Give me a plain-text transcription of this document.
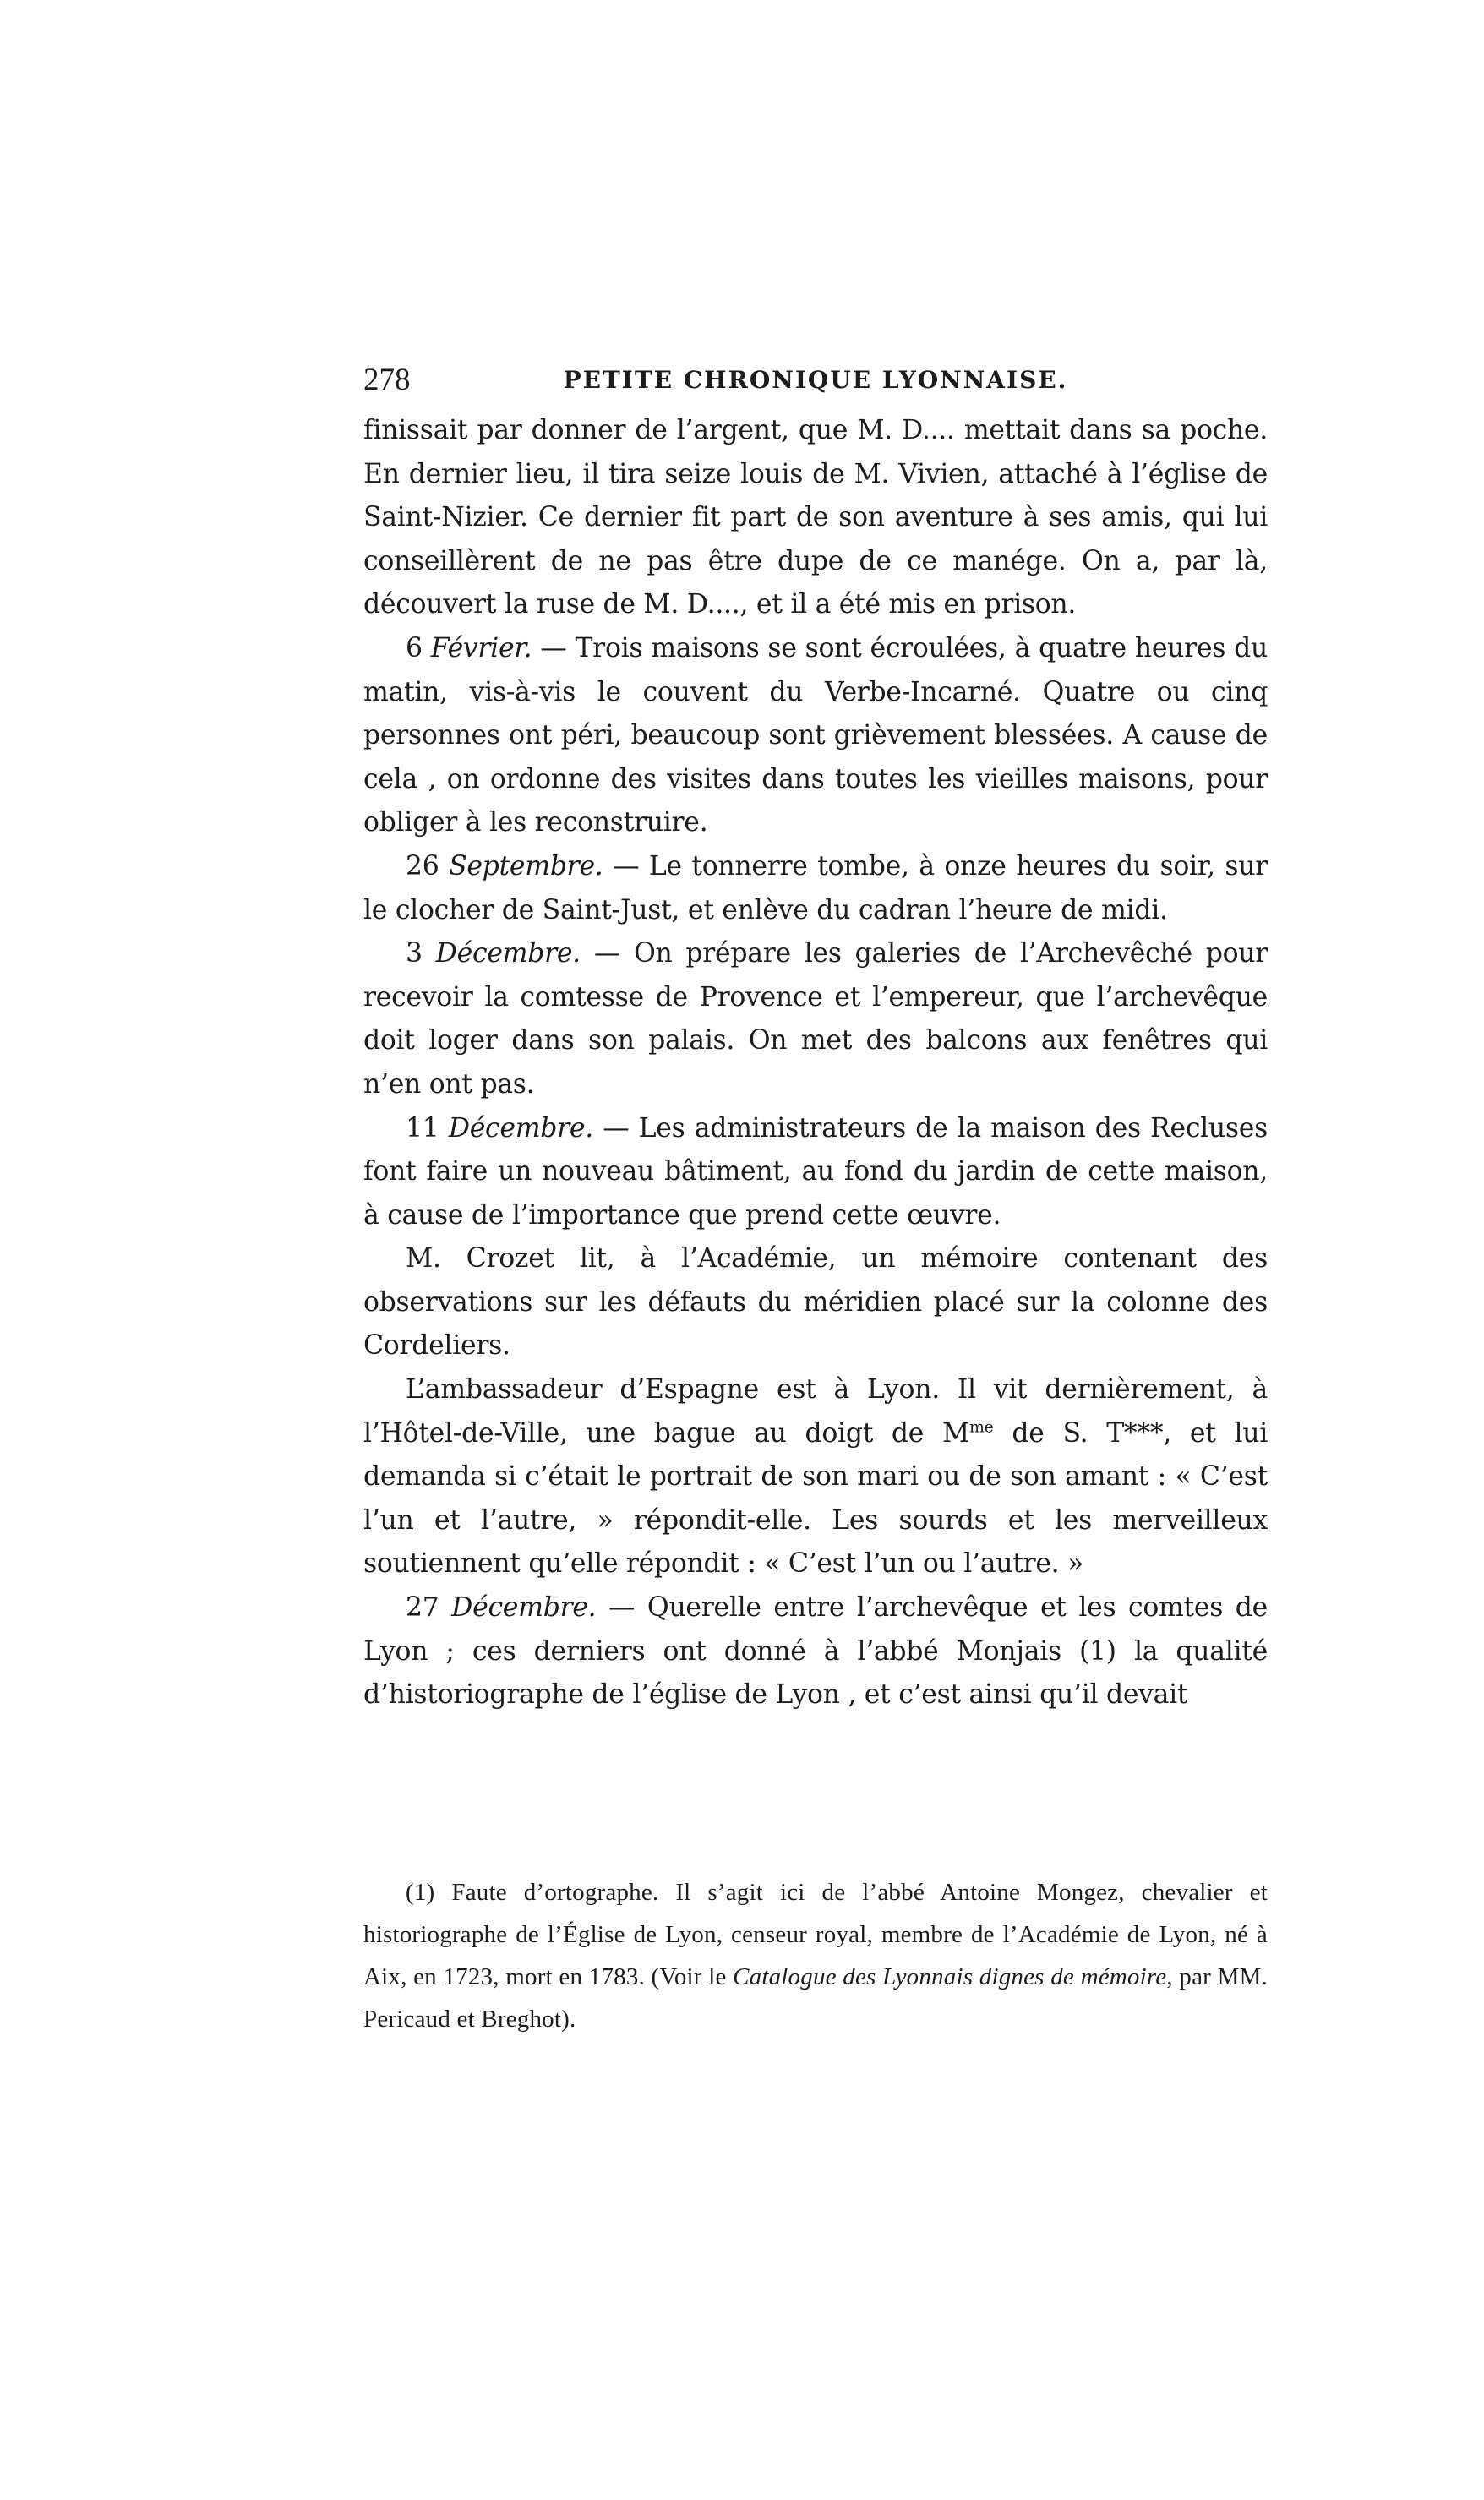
278	PETITE CHRONIQUE LYONNAISE.

finissait par donner de l’argent, que M. D.... mettait dans sa poche. En dernier lieu, il tira seize louis de M. Vivien, attaché à l’église de Saint-Nizier. Ce dernier fit part de son aventure à ses amis, qui lui conseillèrent de ne pas être dupe de ce manége. On a, par là, découvert la ruse de M. D...., et il a été mis en prison.

6 Février. — Trois maisons se sont écroulées, à quatre heures du matin, vis-à-vis le couvent du Verbe-Incarné. Quatre ou cinq personnes ont péri, beaucoup sont grièvement blessées. A cause de cela , on ordonne des visites dans toutes les vieilles maisons, pour obliger à les reconstruire.

26 Septembre. — Le tonnerre tombe, à onze heures du soir, sur le clocher de Saint-Just, et enlève du cadran l’heure de midi.

3 Décembre. — On prépare les galeries de l’Archevêché pour recevoir la comtesse de Provence et l’empereur, que l’archevêque doit loger dans son palais. On met des balcons aux fenêtres qui n’en ont pas.

11 Décembre. — Les administrateurs de la maison des Recluses font faire un nouveau bâtiment, au fond du jardin de cette maison, à cause de l’importance que prend cette œuvre.

M. Crozet lit, à l’Académie, un mémoire contenant des observations sur les défauts du méridien placé sur la colonne des Cordeliers.

L’ambassadeur d’Espagne est à Lyon. Il vit dernièrement, à l’Hôtel-de-Ville, une bague au doigt de $M^{me}$ de S. T***, et lui demanda si c’était le portrait de son mari ou de son amant : « C’est l’un et l’autre, » répondit-elle. Les sourds et les merveilleux soutiennent qu’elle répondit : « C’est l’un ou l’autre. »

27 Décembre. — Querelle entre l’archevêque et les comtes de Lyon ; ces derniers ont donné à l’abbé Monjais (1) la qualité d’historiographe de l’église de Lyon , et c’est ainsi qu’il devait

(1) Faute d’ortographe. Il s’agit ici de l’abbé Antoine Mongez, chevalier et historiographe de l’Église de Lyon, censeur royal, membre de l’Académie de Lyon, né à Aix, en 1723, mort en 1783. (Voir le Catalogue des Lyonnais dignes de mémoire, par MM. Pericaud et Breghot).
